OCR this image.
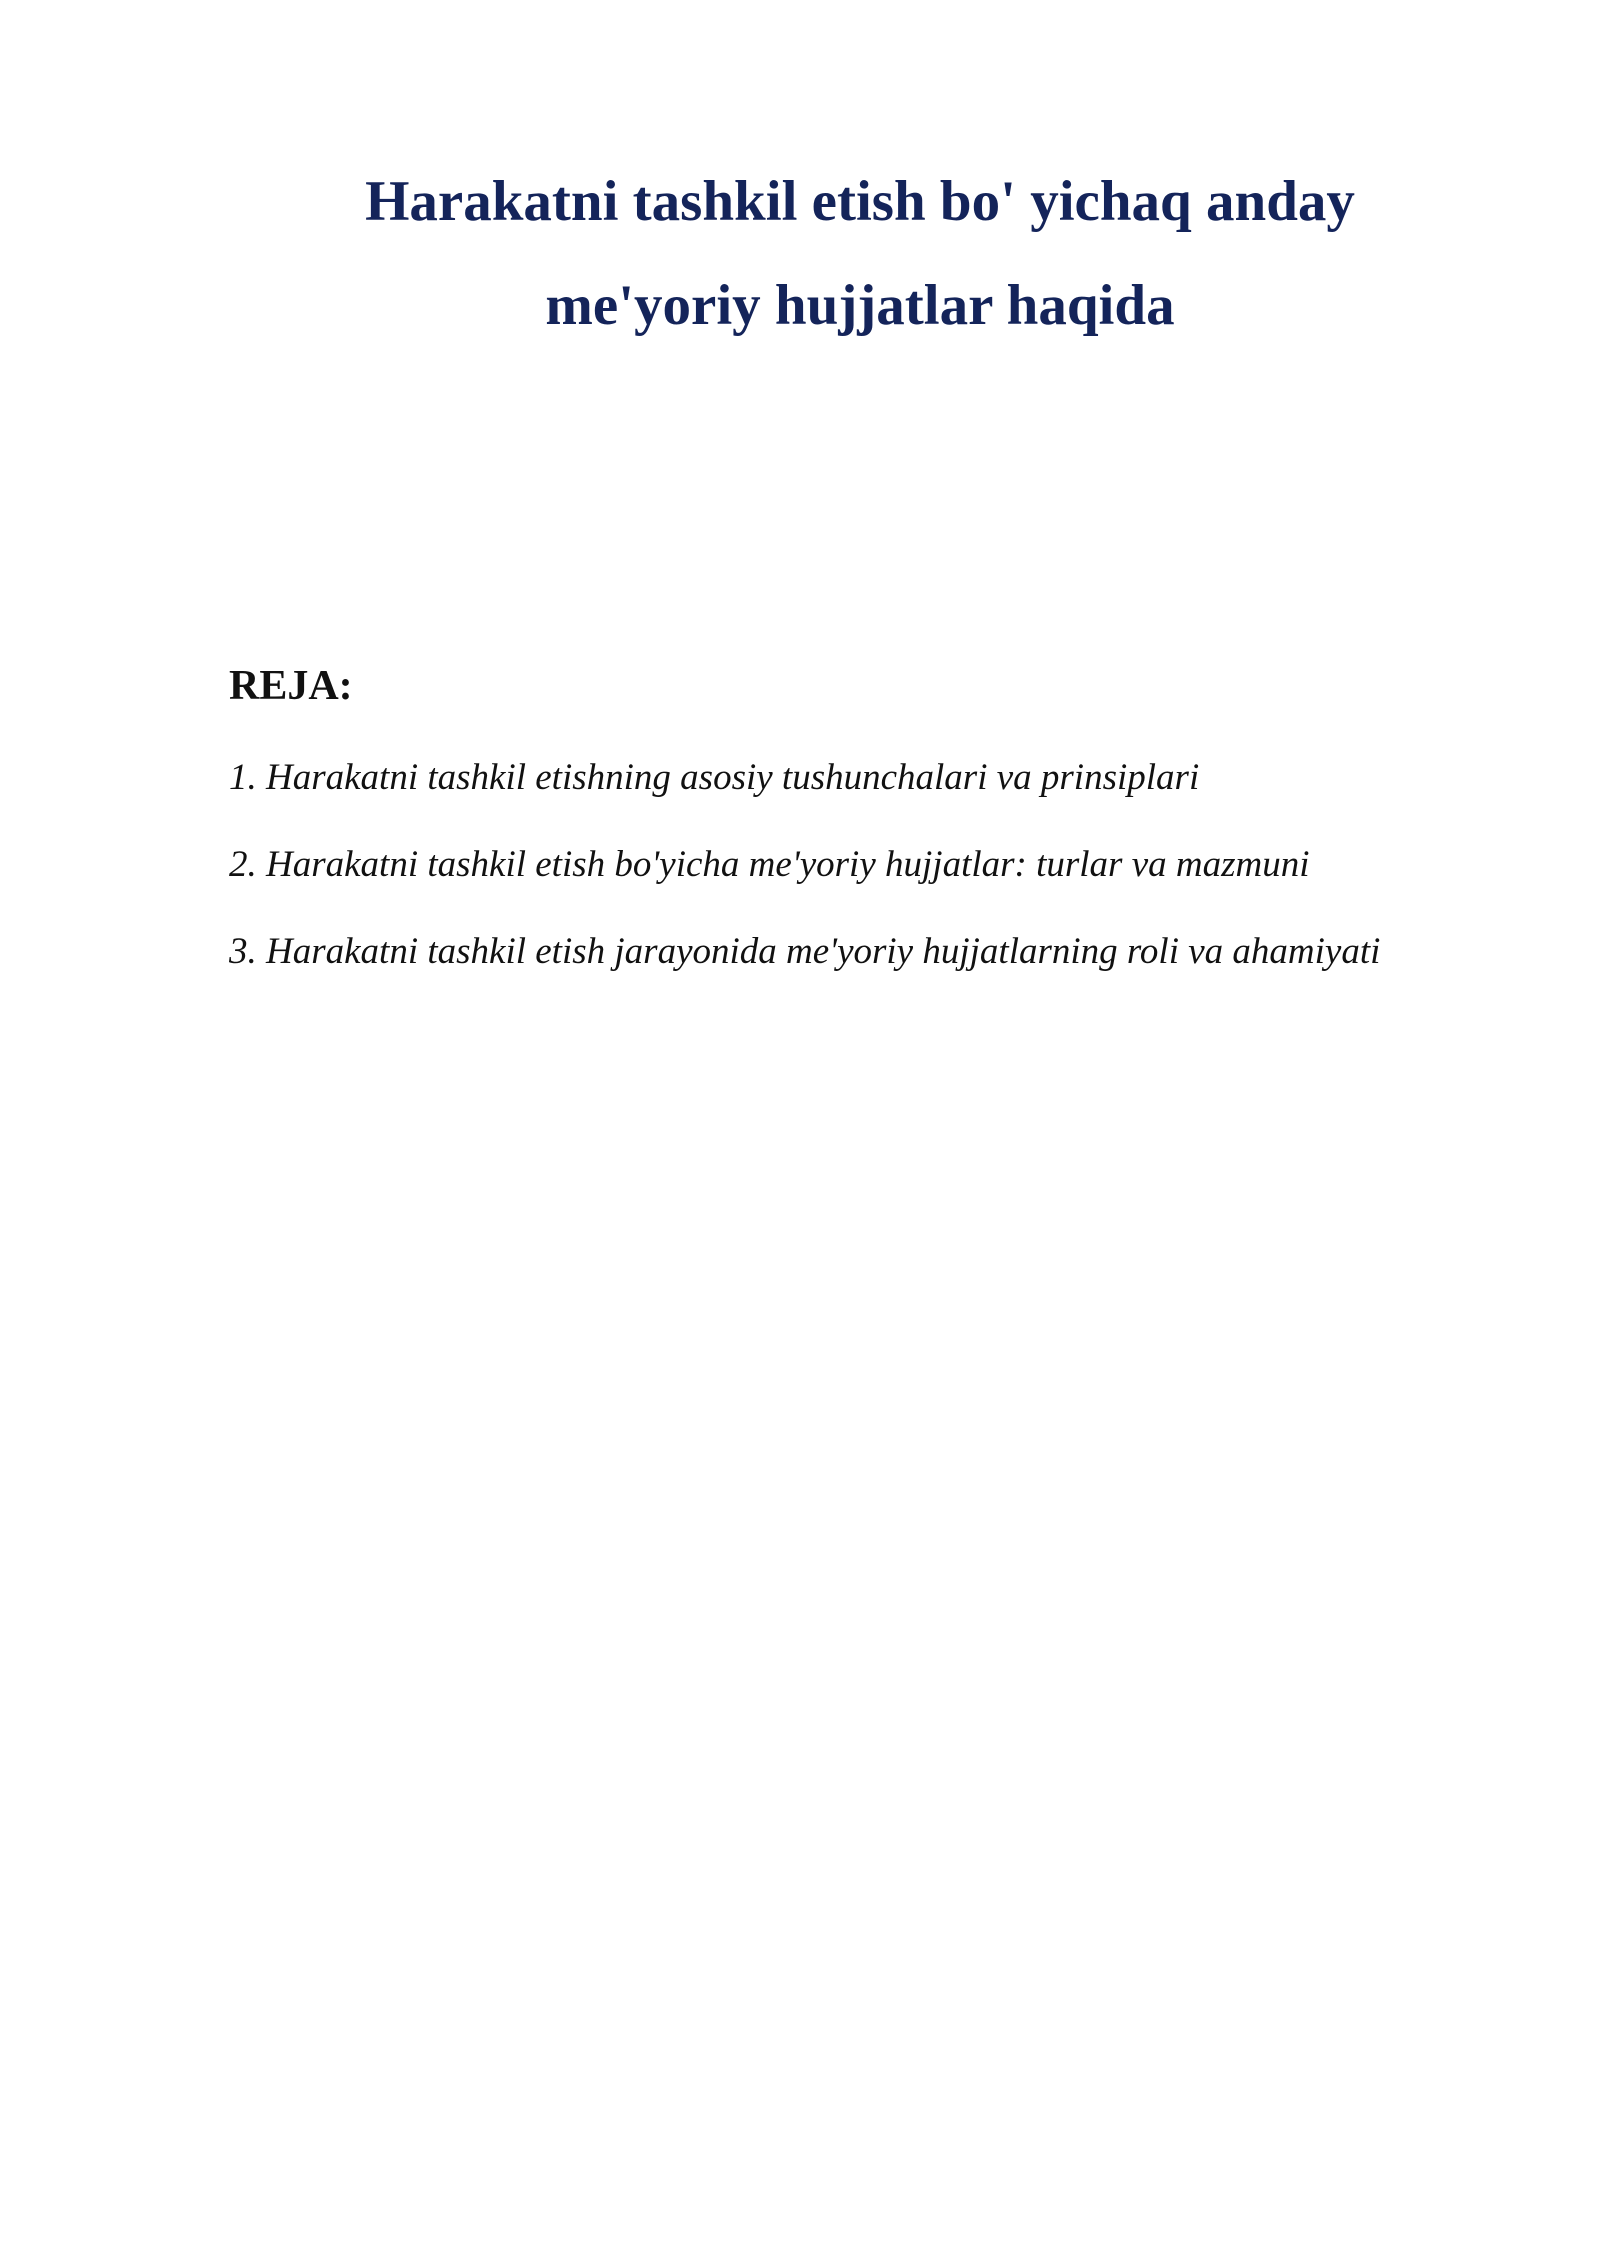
Harakatni tashkil etish bo' yichaq anday
me'yoriy hujjatlar haqida
REJA:
1. Harakatni tashkil etishning asosiy tushunchalari va prinsiplari
2. Harakatni tashkil etish bo'yicha me'yoriy hujjatlar: turlar va mazmuni
3. Harakatni tashkil etish jarayonida me'yoriy hujjatlarning roli va ahamiyati
